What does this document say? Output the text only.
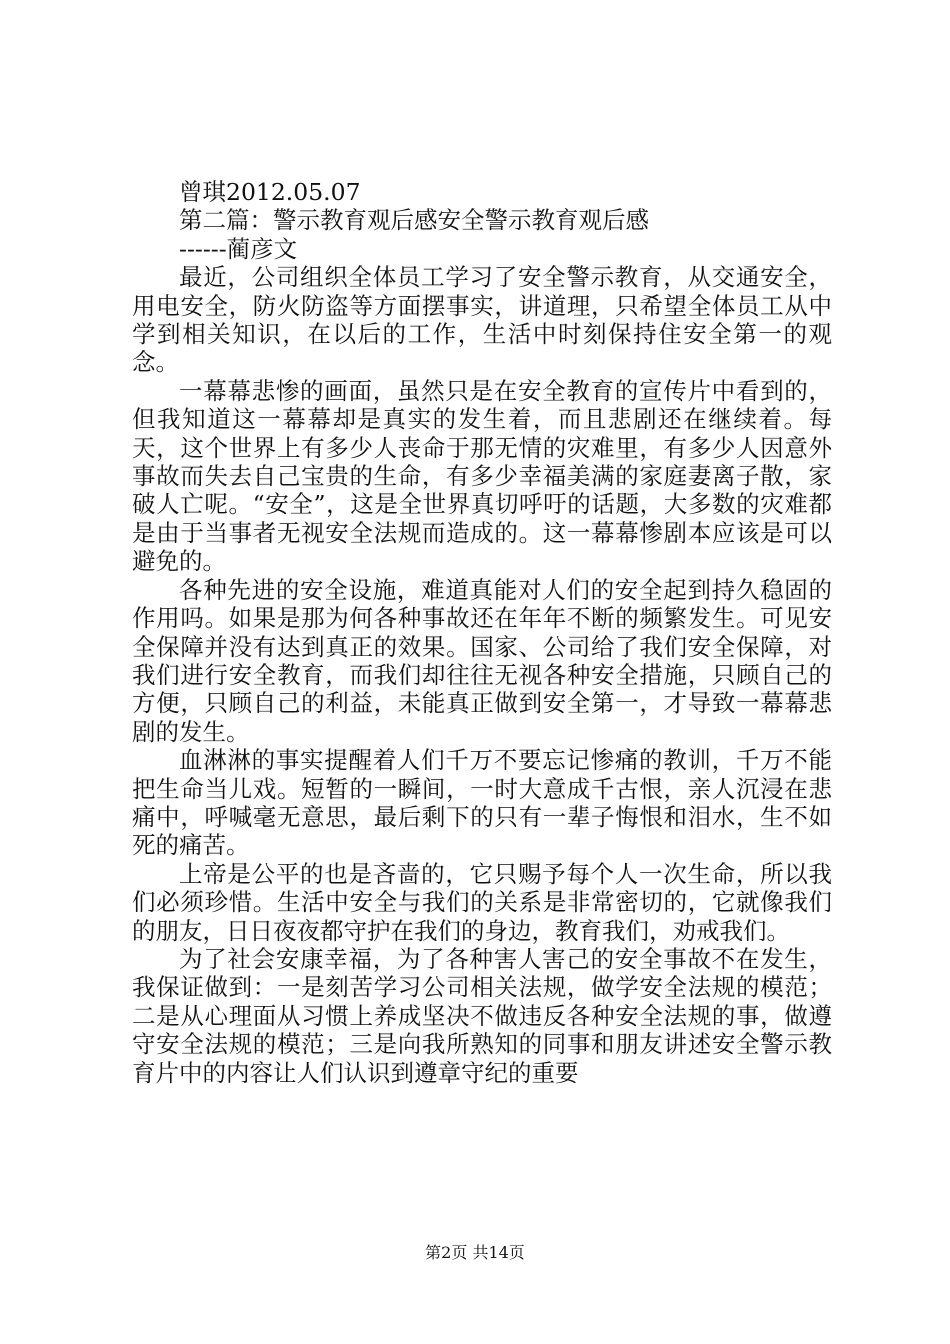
曾琪2012.05.07

第二篇：警示教育观后感安全警示教育观后感

------蔺彦文

最近，公司组织全体员工学习了安全警示教育，从交通安全，用电安全，防火防盗等方面摆事实，讲道理，只希望全体员工从中学到相关知识，在以后的工作，生活中时刻保持住安全第一的观念。

一幕幕悲惨的画面，虽然只是在安全教育的宣传片中看到的，但我知道这一幕幕却是真实的发生着，而且悲剧还在继续着。每天，这个世界上有多少人丧命于那无情的灾难里，有多少人因意外事故而失去自己宝贵的生命，有多少幸福美满的家庭妻离子散，家破人亡呢。“安全”，这是全世界真切呼吁的话题，大多数的灾难都是由于当事者无视安全法规而造成的。这一幕幕惨剧本应该是可以避免的。

各种先进的安全设施，难道真能对人们的安全起到持久稳固的作用吗。如果是那为何各种事故还在年年不断的频繁发生。可见安全保障并没有达到真正的效果。国家、公司给了我们安全保障，对我们进行安全教育，而我们却往往无视各种安全措施，只顾自己的方便，只顾自己的利益，未能真正做到安全第一，才导致一幕幕悲剧的发生。

血淋淋的事实提醒着人们千万不要忘记惨痛的教训，千万不能把生命当儿戏。短暂的一瞬间，一时大意成千古恨，亲人沉浸在悲痛中，呼喊毫无意思，最后剩下的只有一辈子悔恨和泪水，生不如死的痛苦。

上帝是公平的也是吝啬的，它只赐予每个人一次生命，所以我们必须珍惜。生活中安全与我们的关系是非常密切的，它就像我们的朋友，日日夜夜都守护在我们的身边，教育我们，劝戒我们。

为了社会安康幸福，为了各种害人害己的安全事故不在发生，我保证做到：一是刻苦学习公司相关法规，做学安全法规的模范；二是从心理面从习惯上养成坚决不做违反各种安全法规的事，做遵守安全法规的模范；三是向我所熟知的同事和朋友讲述安全警示教育片中的内容让人们认识到遵章守纪的重要

第2页 共14页
